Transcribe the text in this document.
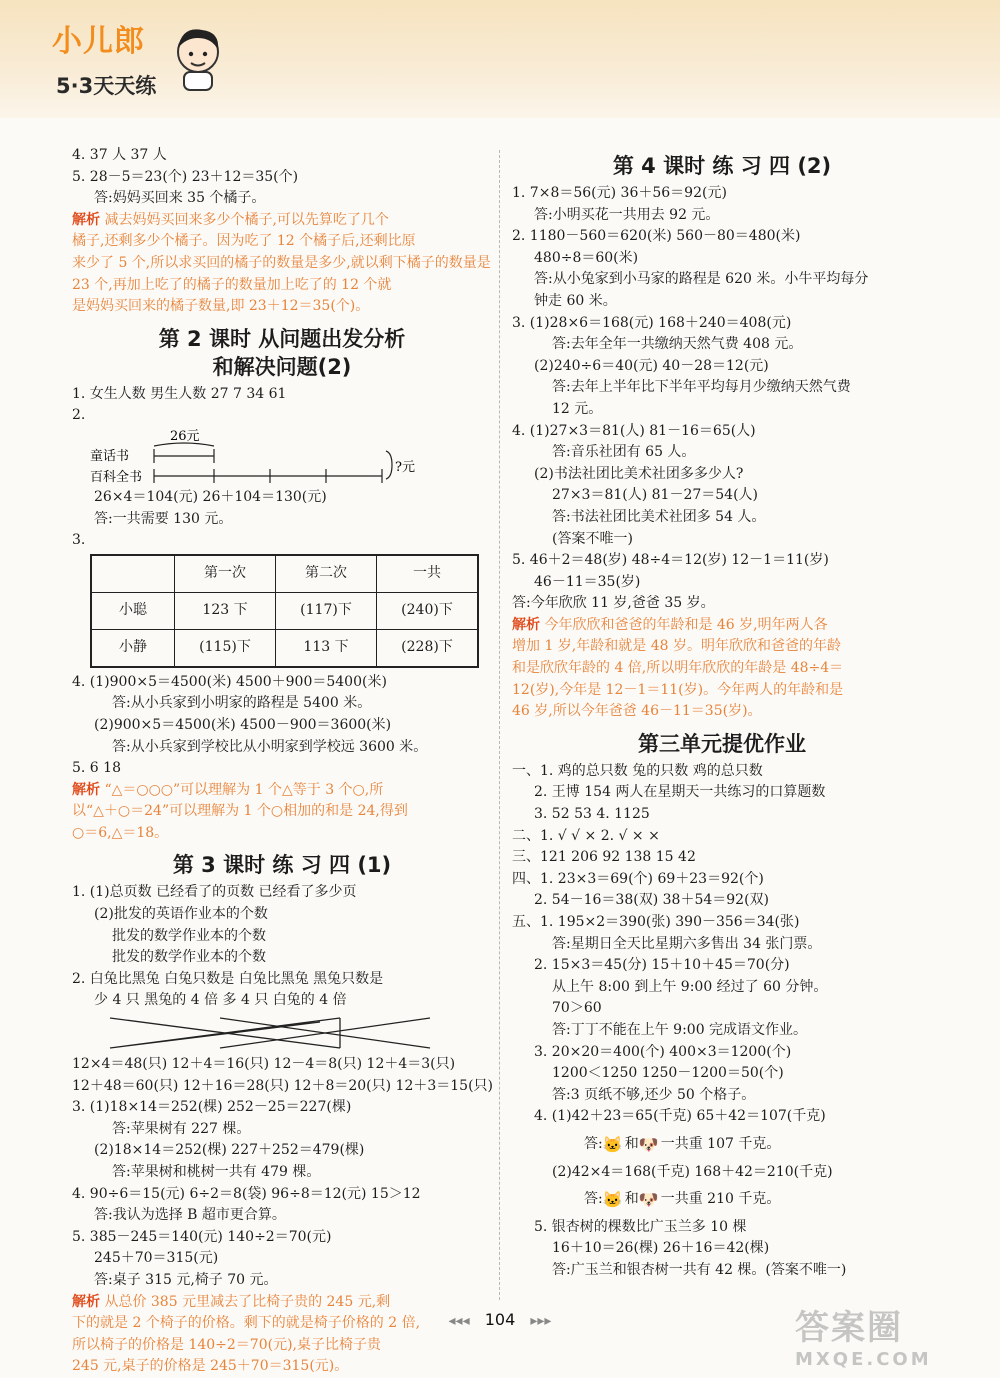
小儿郎
5·3天天练
4. 37 人 37 人
5. 28－5＝23(个) 23＋12＝35(个)
答:妈妈买回来 35 个橘子。
解析 减去妈妈买回来多少个橘子,可以先算吃了几个
橘子,还剩多少个橘子。因为吃了 12 个橘子后,还剩比原
来少了 5 个,所以求买回的橘子的数量是多少,就以剩下橘子的数量是
23 个,再加上吃了的橘子的数量加上吃了的 12 个就
是妈妈买回来的橘子数量,即 23＋12＝35(个)。
第 2 课时 从问题出发分析
和解决问题(2)
1. 女生人数 男生人数 27 7 34 61
2.
26元
童话书
百科全书
?元
26×4＝104(元) 26＋104＝130(元)
答:一共需要 130 元。
3.
	第一次	第二次	一共
小聪	123 下	(117)下	(240)下
小静	(115)下	113 下	(228)下
4. (1)900×5＝4500(米) 4500＋900＝5400(米)
答:从小兵家到小明家的路程是 5400 米。
(2)900×5＝4500(米) 4500－900＝3600(米)
答:从小兵家到学校比从小明家到学校远 3600 米。
5. 6 18
解析 “△＝○○○”可以理解为 1 个△等于 3 个○,所
以“△＋○＝24”可以理解为 1 个○相加的和是 24,得到
○＝6,△＝18。
第 3 课时 练 习 四 (1)
1. (1)总页数 已经看了的页数 已经看了多少页
(2)批发的英语作业本的个数
批发的数学作业本的个数
批发的数学作业本的个数
2. 白兔比黑兔 白兔只数是 白兔比黑兔 黑兔只数是
少 4 只 黑兔的 4 倍 多 4 只 白兔的 4 倍
12×4＝48(只) 12＋4＝16(只) 12－4＝8(只) 12＋4＝3(只)
12＋48＝60(只) 12＋16＝28(只) 12＋8＝20(只) 12＋3＝15(只)
3. (1)18×14＝252(棵) 252－25＝227(棵)
答:苹果树有 227 棵。
(2)18×14＝252(棵) 227＋252＝479(棵)
答:苹果树和桃树一共有 479 棵。
4. 90÷6＝15(元) 6÷2＝8(袋) 96÷8＝12(元) 15＞12
答:我认为选择 B 超市更合算。
5. 385－245＝140(元) 140÷2＝70(元)
245＋70＝315(元)
答:桌子 315 元,椅子 70 元。
解析 从总价 385 元里减去了比椅子贵的 245 元,剩
下的就是 2 个椅子的价格。剩下的就是椅子价格的 2 倍,
所以椅子的价格是 140÷2＝70(元),桌子比椅子贵
245 元,桌子的价格是 245＋70＝315(元)。
第 4 课时 练 习 四 (2)
1. 7×8＝56(元) 36＋56＝92(元)
答:小明买花一共用去 92 元。
2. 1180－560＝620(米) 560－80＝480(米)
480÷8＝60(米)
答:从小兔家到小马家的路程是 620 米。小牛平均每分
钟走 60 米。
3. (1)28×6＝168(元) 168＋240＝408(元)
答:去年全年一共缴纳天然气费 408 元。
(2)240÷6＝40(元) 40－28＝12(元)
答:去年上半年比下半年平均每月少缴纳天然气费
12 元。
4. (1)27×3＝81(人) 81－16＝65(人)
答:音乐社团有 65 人。
(2)书法社团比美术社团多多少人?
27×3＝81(人) 81－27＝54(人)
答:书法社团比美术社团多 54 人。
(答案不唯一)
5. 46＋2＝48(岁) 48÷4＝12(岁) 12－1＝11(岁)
46－11＝35(岁)
答:今年欣欣 11 岁,爸爸 35 岁。
解析 今年欣欣和爸爸的年龄和是 46 岁,明年两人各
增加 1 岁,年龄和就是 48 岁。明年欣欣和爸爸的年龄
和是欣欣年龄的 4 倍,所以明年欣欣的年龄是 48÷4＝
12(岁),今年是 12－1＝11(岁)。今年两人的年龄和是
46 岁,所以今年爸爸 46－11＝35(岁)。
第三单元提优作业
一、1. 鸡的总只数 兔的只数 鸡的总只数
2. 王博 154 两人在星期天一共练习的口算题数
3. 52 53 4. 1125
二、1. √ √ × 2. √ × ×
三、121 206 92 138 15 42
四、1. 23×3＝69(个) 69＋23＝92(个)
2. 54－16＝38(双) 38＋54＝92(双)
五、1. 195×2＝390(张) 390－356＝34(张)
答:星期日全天比星期六多售出 34 张门票。
2. 15×3＝45(分) 15＋10＋45＝70(分)
从上午 8:00 到上午 9:00 经过了 60 分钟。
70＞60
答:丁丁不能在上午 9:00 完成语文作业。
3. 20×20＝400(个) 400×3＝1200(个)
1200＜1250 1250－1200＝50(个)
答:3 页纸不够,还少 50 个格子。
4. (1)42＋23＝65(千克) 65＋42＝107(千克)
答:🐱 和🐶 一共重 107 千克。
(2)42×4＝168(千克) 168＋42＝210(千克)
答:🐱 和🐶 一共重 210 千克。
5. 银杏树的棵数比广玉兰多 10 棵
16＋10＝26(棵) 26＋16＝42(棵)
答:广玉兰和银杏树一共有 42 棵。(答案不唯一)
◂◂◂ 104 ▸▸▸	答案圈
MXQE.COM
